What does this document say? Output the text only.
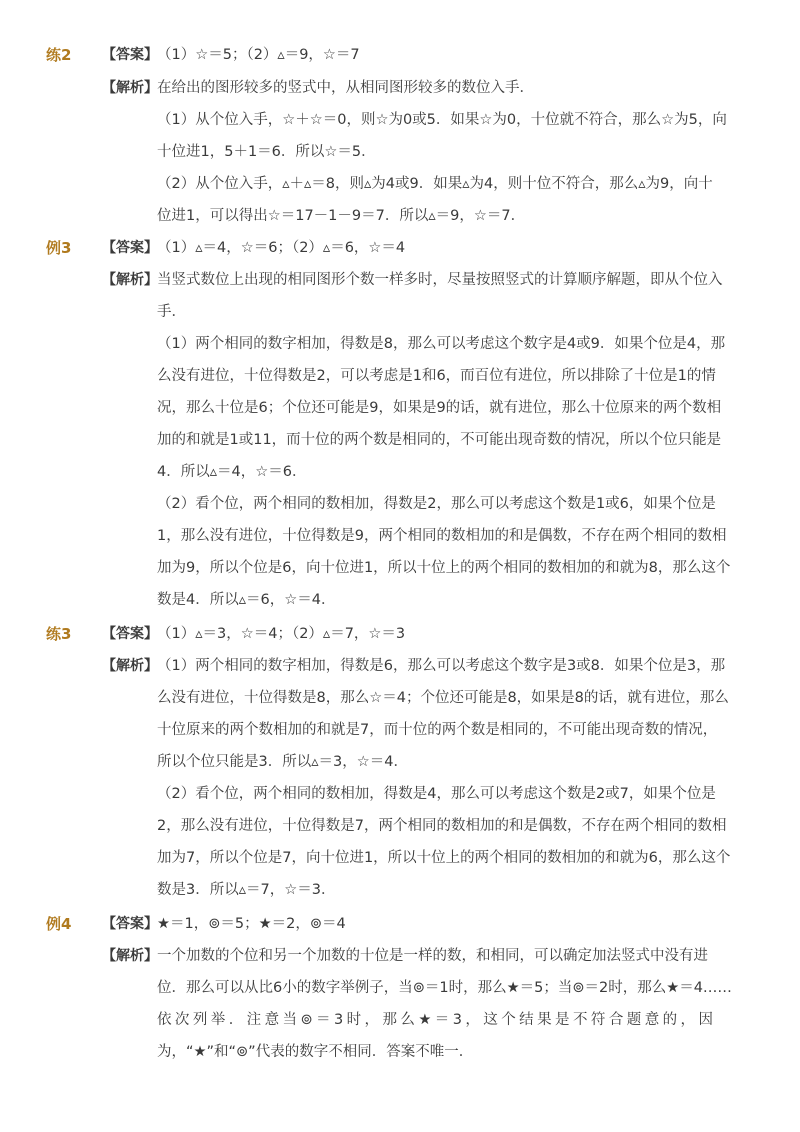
练2 【答案】 （1）☆＝5；（2）▵＝9，☆＝7
【解析】 在给出的图形较多的竖式中，从相同图形较多的数位入手．
（1）从个位入手，☆＋☆＝0，则☆为0或5．如果☆为0，十位就不符合，那么☆为5，向
十位进1，5＋1＝6．所以☆＝5．
（2）从个位入手，▵＋▵＝8，则▵为4或9．如果▵为4，则十位不符合，那么▵为9，向十
位进1，可以得出☆＝17－1－9＝7．所以▵＝9，☆＝7．
例3 【答案】 （1）▵＝4，☆＝6；（2）▵＝6，☆＝4
【解析】 当竖式数位上出现的相同图形个数一样多时，尽量按照竖式的计算顺序解题，即从个位入
手．
（1）两个相同的数字相加，得数是8，那么可以考虑这个数字是4或9．如果个位是4，那
么没有进位，十位得数是2，可以考虑是1和6，而百位有进位，所以排除了十位是1的情
况，那么十位是6；个位还可能是9，如果是9的话，就有进位，那么十位原来的两个数相
加的和就是1或11，而十位的两个数是相同的，不可能出现奇数的情况，所以个位只能是
4．所以▵＝4，☆＝6．
（2）看个位，两个相同的数相加，得数是2，那么可以考虑这个数是1或6，如果个位是
1，那么没有进位，十位得数是9，两个相同的数相加的和是偶数，不存在两个相同的数相
加为9，所以个位是6，向十位进1，所以十位上的两个相同的数相加的和就为8，那么这个
数是4．所以▵＝6，☆＝4．
练3 【答案】 （1）▵＝3，☆＝4；（2）▵＝7，☆＝3
【解析】 （1）两个相同的数字相加，得数是6，那么可以考虑这个数字是3或8．如果个位是3，那
么没有进位，十位得数是8，那么☆＝4；个位还可能是8，如果是8的话，就有进位，那么
十位原来的两个数相加的和就是7，而十位的两个数是相同的，不可能出现奇数的情况，
所以个位只能是3．所以▵＝3，☆＝4．
（2）看个位，两个相同的数相加，得数是4，那么可以考虑这个数是2或7，如果个位是
2，那么没有进位，十位得数是7，两个相同的数相加的和是偶数，不存在两个相同的数相
加为7，所以个位是7，向十位进1，所以十位上的两个相同的数相加的和就为6，那么这个
数是3．所以▵＝7，☆＝3．
例4 【答案】 ★＝1，⊚＝5；★＝2，⊚＝4
【解析】 一个加数的个位和另一个加数的十位是一样的数，和相同，可以确定加法竖式中没有进
位．那么可以从比6小的数字举例子，当⊚＝1时，那么★＝5；当⊚＝2时，那么★＝4……
依次列举．注意当⊚＝3时，那么★＝3，这个结果是不符合题意的，因
为，“★”和“⊚”代表的数字不相同．答案不唯一．
